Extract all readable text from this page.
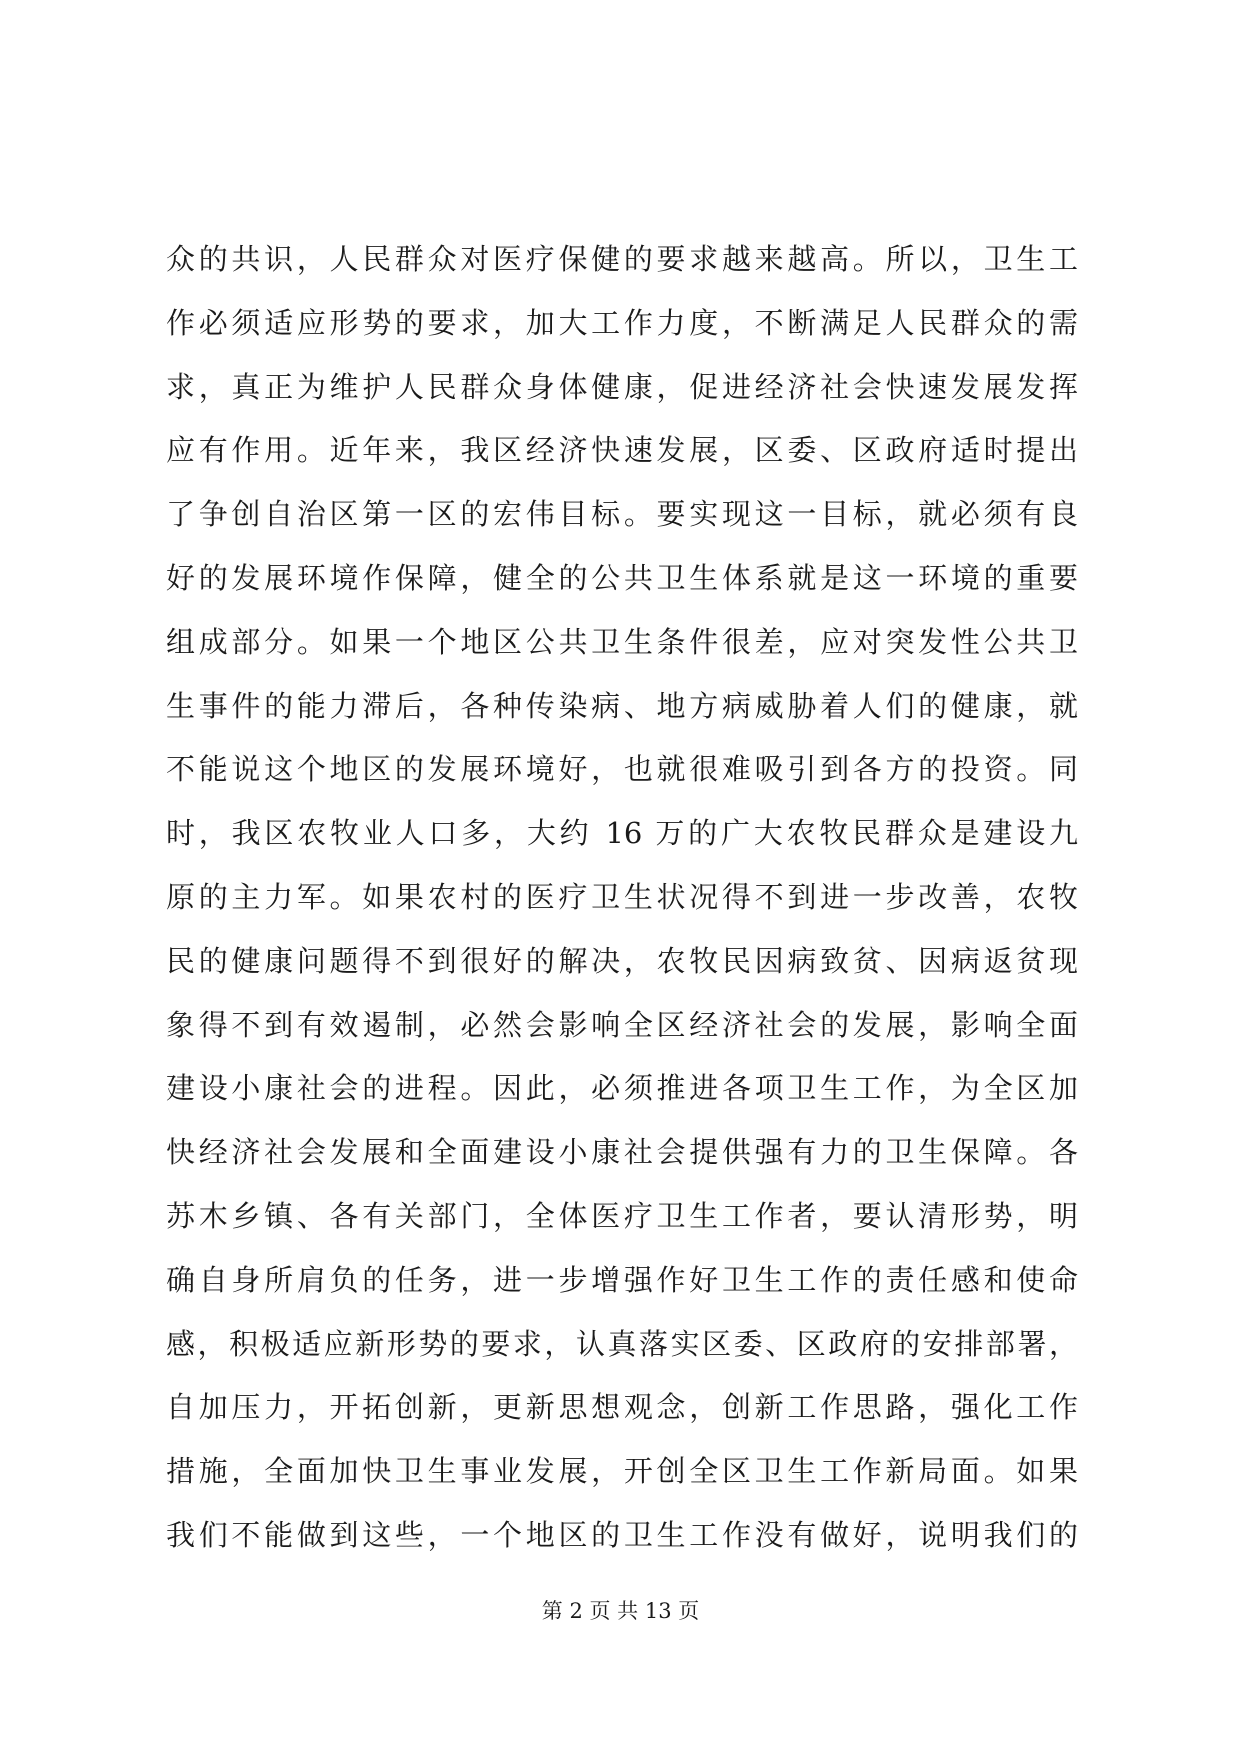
众的共识，人民群众对医疗保健的要求越来越高。所以，卫生工
作必须适应形势的要求，加大工作力度，不断满足人民群众的需
求，真正为维护人民群众身体健康，促进经济社会快速发展发挥
应有作用。近年来，我区经济快速发展，区委、区政府适时提出
了争创自治区第一区的宏伟目标。要实现这一目标，就必须有良
好的发展环境作保障，健全的公共卫生体系就是这一环境的重要
组成部分。如果一个地区公共卫生条件很差，应对突发性公共卫
生事件的能力滞后，各种传染病、地方病威胁着人们的健康，就
不能说这个地区的发展环境好，也就很难吸引到各方的投资。同
时，我区农牧业人口多，大约 16 万的广大农牧民群众是建设九
原的主力军。如果农村的医疗卫生状况得不到进一步改善，农牧
民的健康问题得不到很好的解决，农牧民因病致贫、因病返贫现
象得不到有效遏制，必然会影响全区经济社会的发展，影响全面
建设小康社会的进程。因此，必须推进各项卫生工作，为全区加
快经济社会发展和全面建设小康社会提供强有力的卫生保障。各
苏木乡镇、各有关部门，全体医疗卫生工作者，要认清形势，明
确自身所肩负的任务，进一步增强作好卫生工作的责任感和使命
感，积极适应新形势的要求，认真落实区委、区政府的安排部署，
自加压力，开拓创新，更新思想观念，创新工作思路，强化工作
措施，全面加快卫生事业发展，开创全区卫生工作新局面。如果
我们不能做到这些，一个地区的卫生工作没有做好，说明我们的
第 2 页 共 13 页
